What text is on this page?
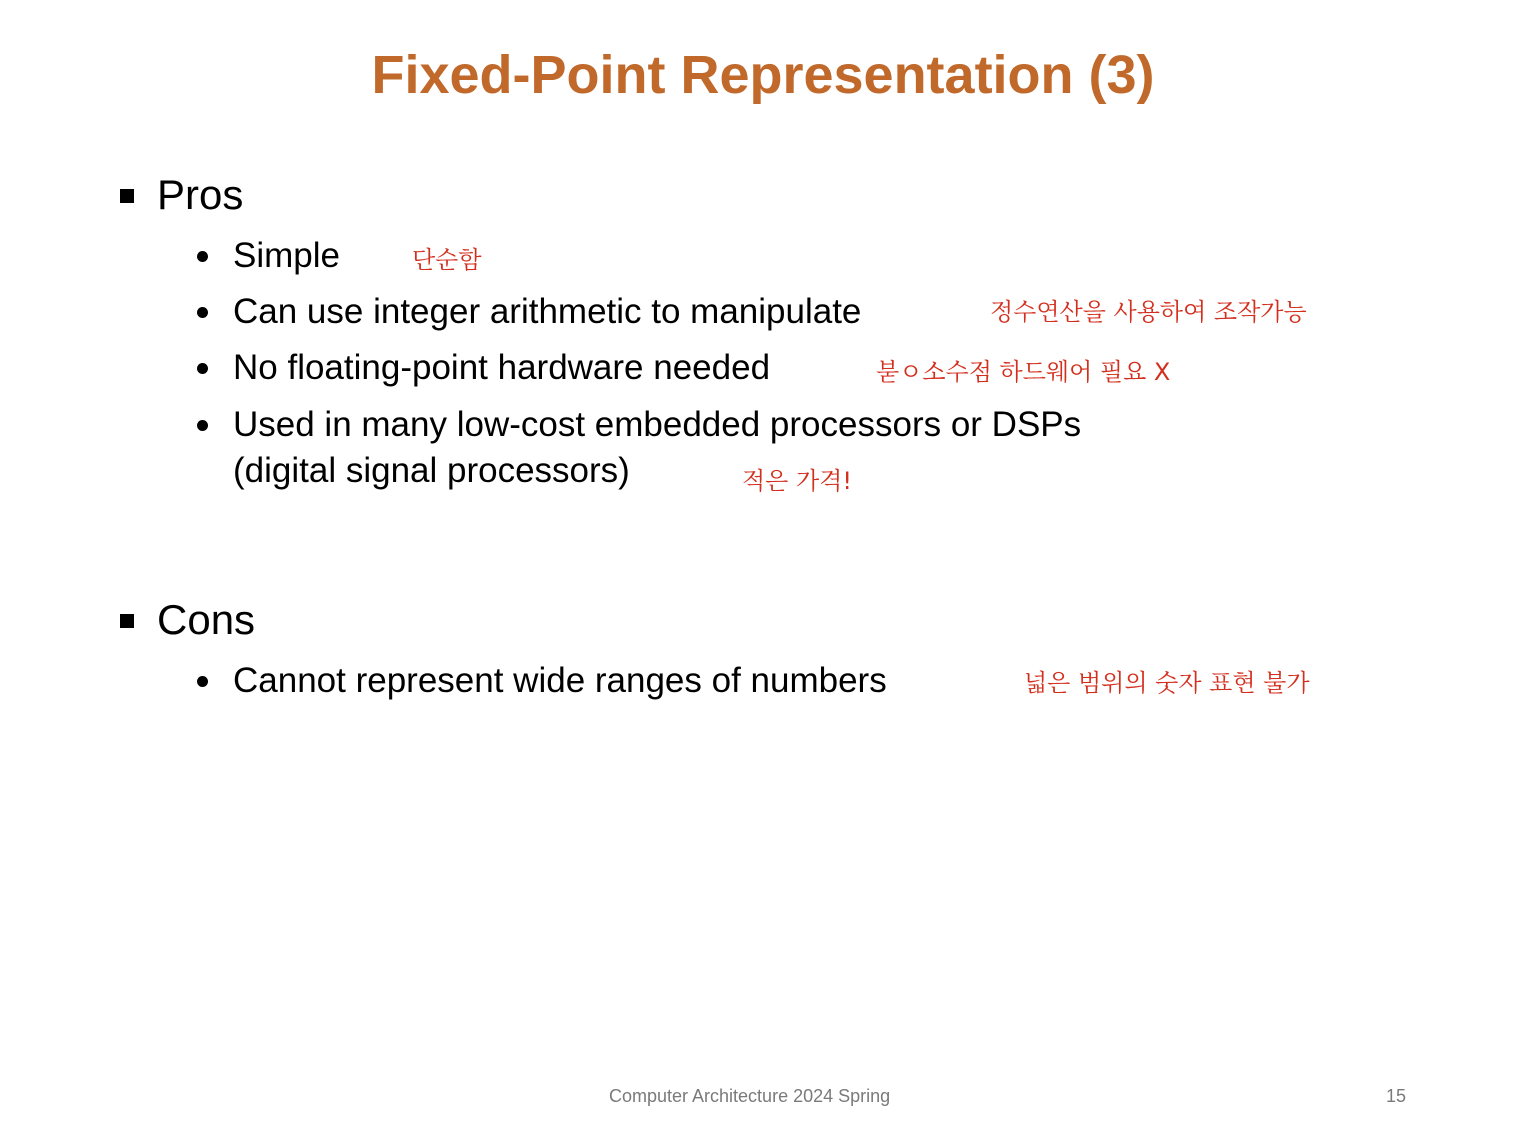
Fixed-Point Representation (3)
Pros
Simple	단순함
Can use integer arithmetic to manipulate	정수연산을 사용하여 조작가능
No floating-point hardware needed	붇ㅇ소수점 하드웨어 필요 X
Used in many low-cost embedded processors or DSPs
(digital signal processors)	적은 가격!
Cons
Cannot represent wide ranges of numbers	넓은 범위의 숫자 표현 불가
Computer Architecture 2024 Spring	15
